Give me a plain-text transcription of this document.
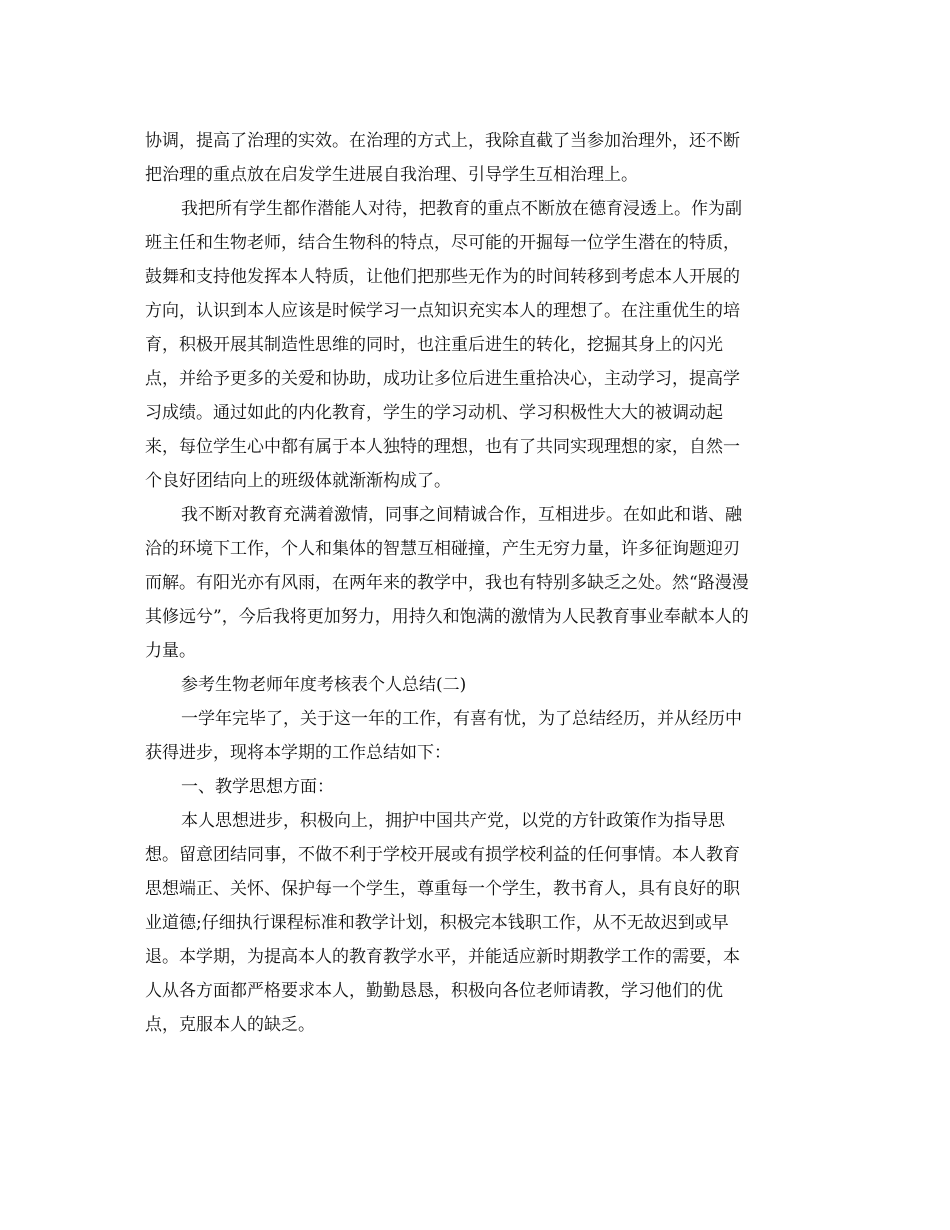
协调，提高了治理的实效。在治理的方式上，我除直截了当参加治理外，还不断
把治理的重点放在启发学生进展自我治理、引导学生互相治理上。
我把所有学生都作潜能人对待，把教育的重点不断放在德育浸透上。作为副
班主任和生物老师，结合生物科的特点，尽可能的开掘每一位学生潜在的特质，
鼓舞和支持他发挥本人特质，让他们把那些无作为的时间转移到考虑本人开展的
方向，认识到本人应该是时候学习一点知识充实本人的理想了。在注重优生的培
育，积极开展其制造性思维的同时，也注重后进生的转化，挖掘其身上的闪光
点，并给予更多的关爱和协助，成功让多位后进生重拾决心，主动学习，提高学
习成绩。通过如此的内化教育，学生的学习动机、学习积极性大大的被调动起
来，每位学生心中都有属于本人独特的理想，也有了共同实现理想的家，自然一
个良好团结向上的班级体就渐渐构成了。
我不断对教育充满着激情，同事之间精诚合作，互相进步。在如此和谐、融
洽的环境下工作，个人和集体的智慧互相碰撞，产生无穷力量，许多征询题迎刃
而解。有阳光亦有风雨，在两年来的教学中，我也有特别多缺乏之处。然“路漫漫
其修远兮”，今后我将更加努力，用持久和饱满的激情为人民教育事业奉献本人的
力量。
参考生物老师年度考核表个人总结(二)
一学年完毕了，关于这一年的工作，有喜有忧，为了总结经历，并从经历中
获得进步，现将本学期的工作总结如下：
一、教学思想方面：
本人思想进步，积极向上，拥护中国共产党，以党的方针政策作为指导思
想。留意团结同事，不做不利于学校开展或有损学校利益的任何事情。本人教育
思想端正、关怀、保护每一个学生，尊重每一个学生，教书育人，具有良好的职
业道德;仔细执行课程标准和教学计划，积极完本钱职工作，从不无故迟到或早
退。本学期，为提高本人的教育教学水平，并能适应新时期教学工作的需要，本
人从各方面都严格要求本人，勤勤恳恳，积极向各位老师请教，学习他们的优
点，克服本人的缺乏。
